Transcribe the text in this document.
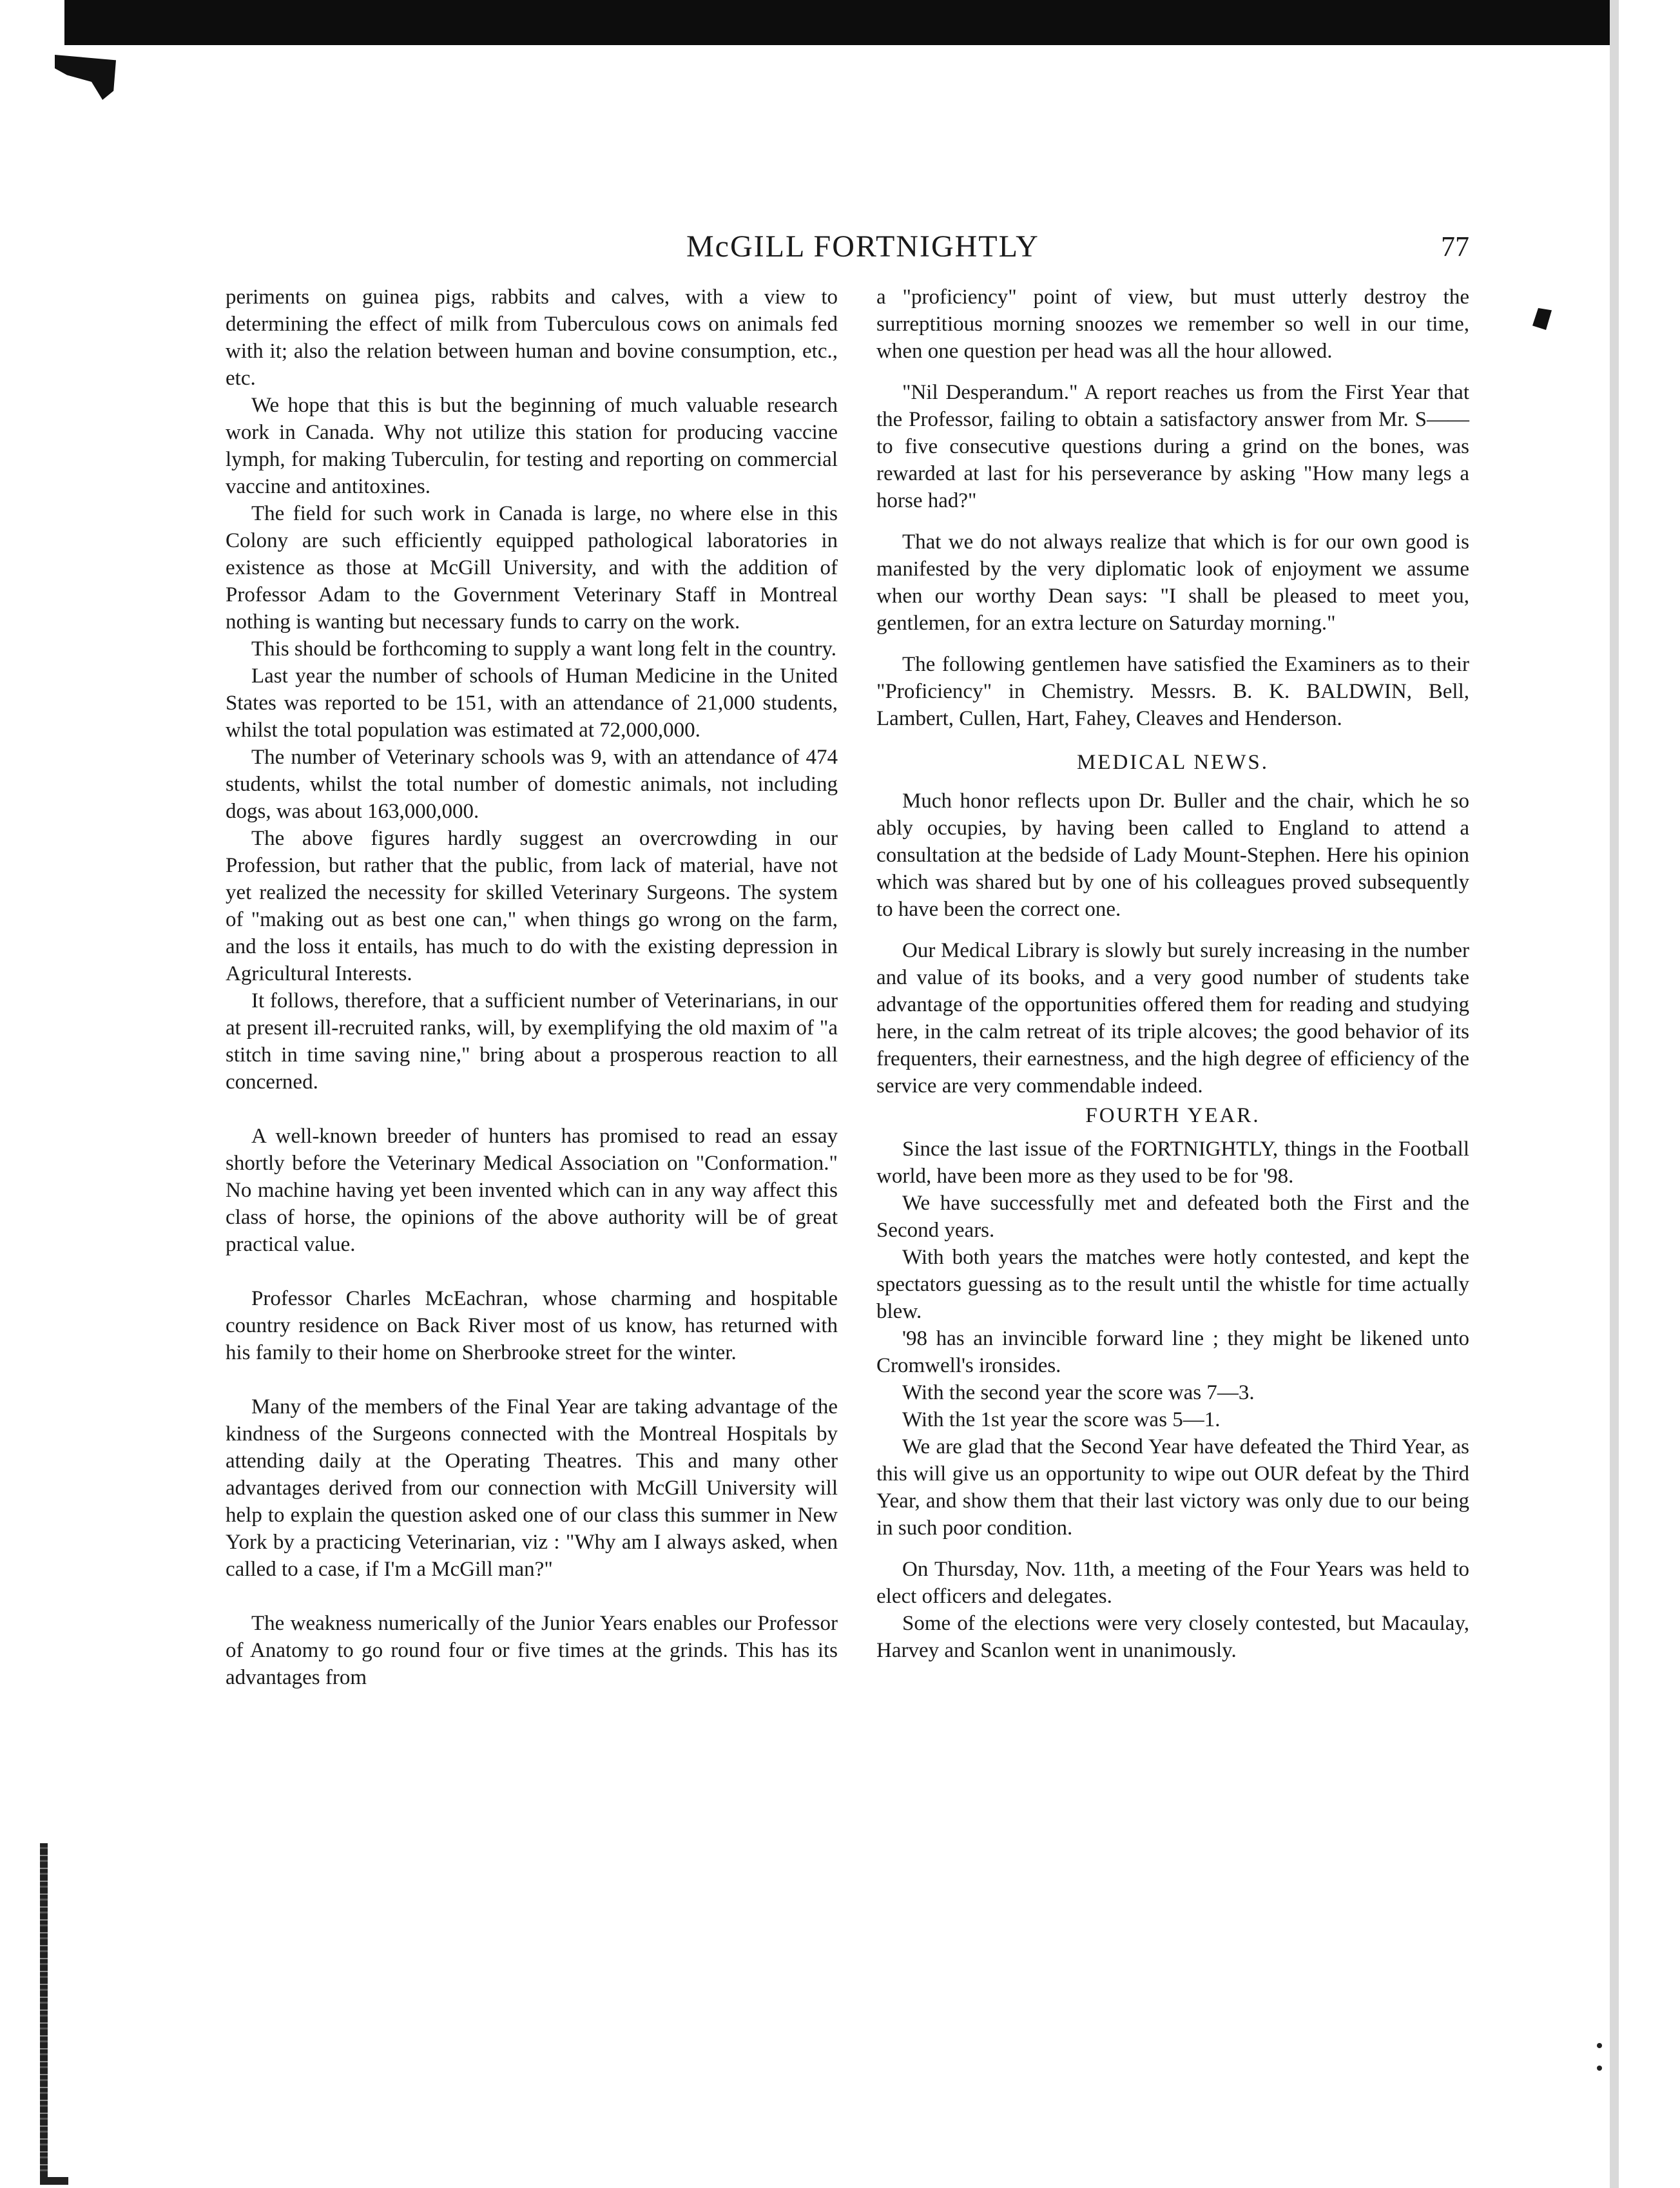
McGILL FORTNIGHTLY	77

periments on guinea pigs, rabbits and calves, with a view to determining the effect of milk from Tuberculous cows on animals fed with it; also the relation between human and bovine consumption, etc., etc.

We hope that this is but the beginning of much valuable research work in Canada. Why not utilize this station for producing vaccine lymph, for making Tuberculin, for testing and reporting on commercial vaccine and antitoxines.

The field for such work in Canada is large, no where else in this Colony are such efficiently equipped pathological laboratories in existence as those at McGill University, and with the addition of Professor Adam to the Government Veterinary Staff in Montreal nothing is wanting but necessary funds to carry on the work.

This should be forthcoming to supply a want long felt in the country.

Last year the number of schools of Human Medicine in the United States was reported to be 151, with an attendance of 21,000 students, whilst the total population was estimated at 72,000,000.

The number of Veterinary schools was 9, with an attendance of 474 students, whilst the total number of domestic animals, not including dogs, was about 163,000,000.

The above figures hardly suggest an overcrowding in our Profession, but rather that the public, from lack of material, have not yet realized the necessity for skilled Veterinary Surgeons. The system of "making out as best one can," when things go wrong on the farm, and the loss it entails, has much to do with the existing depression in Agricultural Interests.

It follows, therefore, that a sufficient number of Veterinarians, in our at present ill-recruited ranks, will, by exemplifying the old maxim of "a stitch in time saving nine," bring about a prosperous reaction to all concerned.

A well-known breeder of hunters has promised to read an essay shortly before the Veterinary Medical Association on "Conformation." No machine having yet been invented which can in any way affect this class of horse, the opinions of the above authority will be of great practical value.

Professor Charles McEachran, whose charming and hospitable country residence on Back River most of us know, has returned with his family to their home on Sherbrooke street for the winter.

Many of the members of the Final Year are taking advantage of the kindness of the Surgeons connected with the Montreal Hospitals by attending daily at the Operating Theatres. This and many other advantages derived from our connection with McGill University will help to explain the question asked one of our class this summer in New York by a practicing Veterinarian, viz : "Why am I always asked, when called to a case, if I'm a McGill man?"

The weakness numerically of the Junior Years enables our Professor of Anatomy to go round four or five times at the grinds. This has its advantages from

a "proficiency" point of view, but must utterly destroy the surreptitious morning snoozes we remember so well in our time, when one question per head was all the hour allowed.

"Nil Desperandum." A report reaches us from the First Year that the Professor, failing to obtain a satisfactory answer from Mr. S—— to five consecutive questions during a grind on the bones, was rewarded at last for his perseverance by asking "How many legs a horse had?"

That we do not always realize that which is for our own good is manifested by the very diplomatic look of enjoyment we assume when our worthy Dean says: "I shall be pleased to meet you, gentlemen, for an extra lecture on Saturday morning."

The following gentlemen have satisfied the Examiners as to their "Proficiency" in Chemistry. Messrs. B. K. BALDWIN, Bell, Lambert, Cullen, Hart, Fahey, Cleaves and Henderson.

MEDICAL NEWS.

Much honor reflects upon Dr. Buller and the chair, which he so ably occupies, by having been called to England to attend a consultation at the bedside of Lady Mount-Stephen. Here his opinion which was shared but by one of his colleagues proved subsequently to have been the correct one.

Our Medical Library is slowly but surely increasing in the number and value of its books, and a very good number of students take advantage of the opportunities offered them for reading and studying here, in the calm retreat of its triple alcoves; the good behavior of its frequenters, their earnestness, and the high degree of efficiency of the service are very commendable indeed.

FOURTH YEAR.

Since the last issue of the FORTNIGHTLY, things in the Football world, have been more as they used to be for '98.

We have successfully met and defeated both the First and the Second years.

With both years the matches were hotly contested, and kept the spectators guessing as to the result until the whistle for time actually blew.

'98 has an invincible forward line ; they might be likened unto Cromwell's ironsides.

With the second year the score was 7—3.

With the 1st year the score was 5—1.

We are glad that the Second Year have defeated the Third Year, as this will give us an opportunity to wipe out OUR defeat by the Third Year, and show them that their last victory was only due to our being in such poor condition.

On Thursday, Nov. 11th, a meeting of the Four Years was held to elect officers and delegates.

Some of the elections were very closely contested, but Macaulay, Harvey and Scanlon went in unanimously.
